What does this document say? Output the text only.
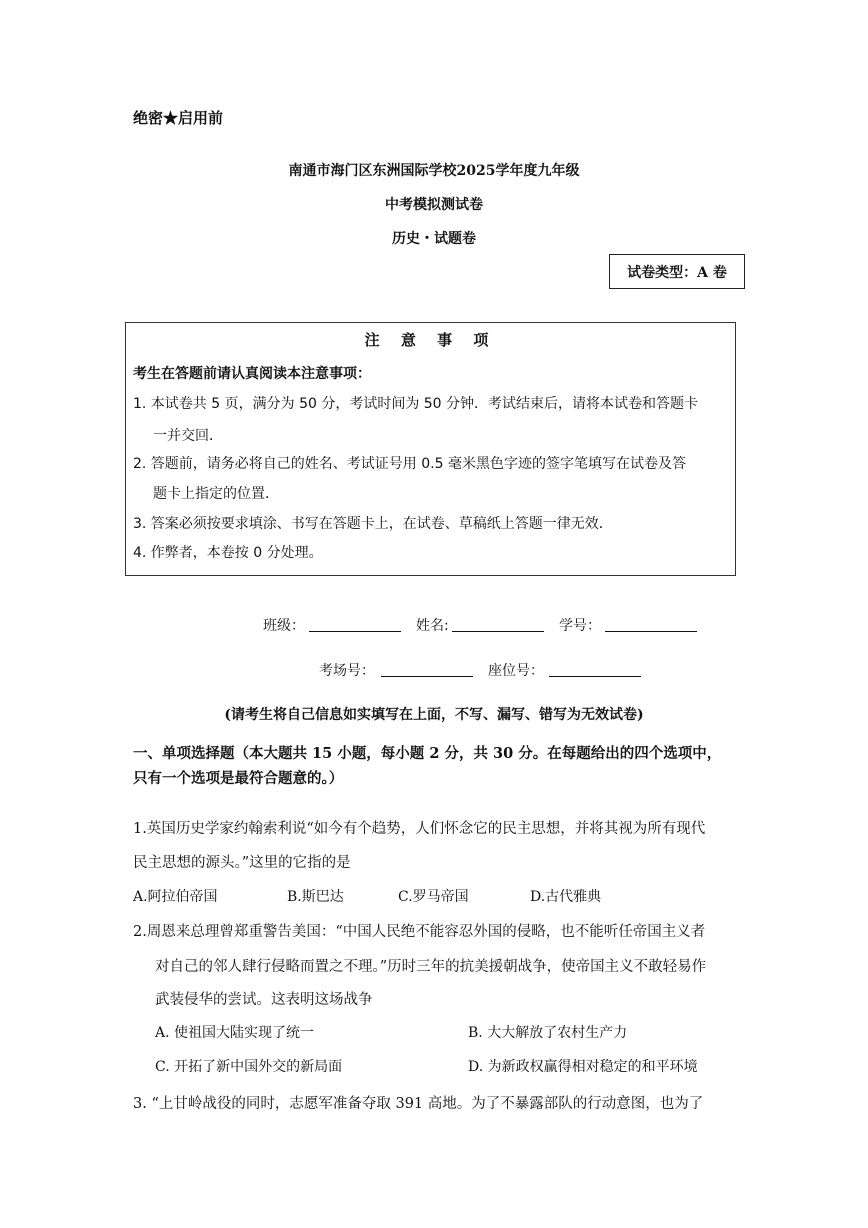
绝密★启用前
南通市海门区东洲国际学校2025学年度九年级
中考模拟测试卷
历史・试题卷
试卷类型：A 卷
注 意 事 项
考生在答题前请认真阅读本注意事项：
1. 本试卷共 5 页，满分为 50 分，考试时间为 50 分钟．考试结束后，请将本试卷和答题卡
一并交回．
2. 答题前，请务必将自己的姓名、考试证号用 0.5 毫米黑色字迹的签字笔填写在试卷及答
题卡上指定的位置．
3. 答案必须按要求填涂、书写在答题卡上，在试卷、草稿纸上答题一律无效．
4. 作弊者，本卷按 0 分处理。
班级：	姓名:	学号：
考场号：	座位号：
(请考生将自己信息如实填写在上面，不写、漏写、错写为无效试卷)
一、单项选择题（本大题共 15 小题，每小题 2 分，共 30 分。在每题给出的四个选项中，
只有一个选项是最符合题意的。）
1.英国历史学家约翰索利说“如今有个趋势，人们怀念它的民主思想，并将其视为所有现代
民主思想的源头。”这里的它指的是
A.阿拉伯帝国	B.斯巴达	C.罗马帝国	D.古代雅典
2.周恩来总理曾郑重警告美国：“中国人民绝不能容忍外国的侵略，也不能听任帝国主义者
对自己的邻人肆行侵略而置之不理。”历时三年的抗美援朝战争，使帝国主义不敢轻易作
武装侵华的尝试。这表明这场战争
A. 使祖国大陆实现了统一	B. 大大解放了农村生产力
C. 开拓了新中国外交的新局面	D. 为新政权赢得相对稳定的和平环境
3. “上甘岭战役的同时，志愿军准备夺取 391 高地。为了不暴露部队的行动意图，也为了
